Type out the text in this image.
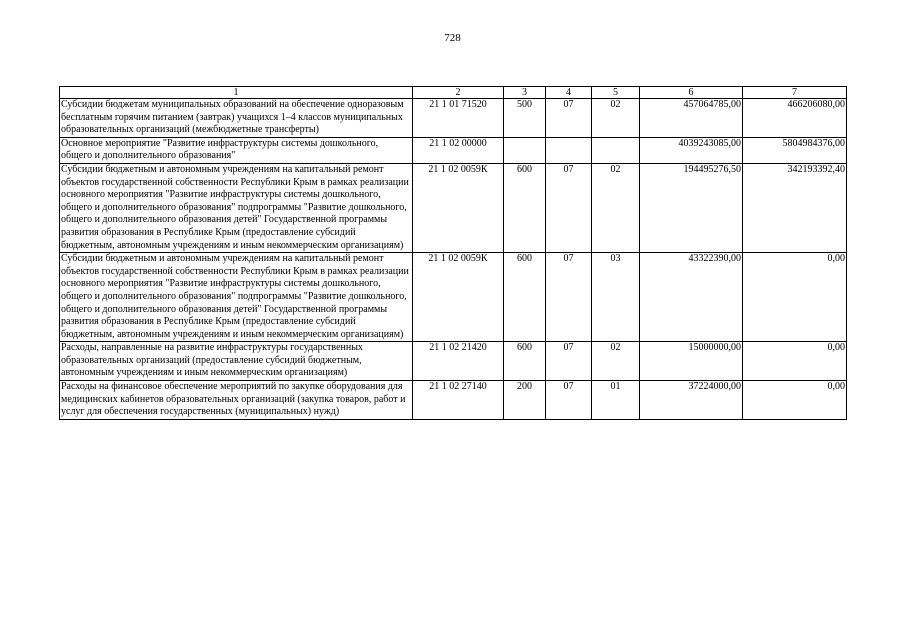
728
1	2	3	4	5	6	7
Субсидии бюджетам муниципальных образований на обеспечение одноразовым бесплатным горячим питанием (завтрак) учащихся 1–4 классов муниципальных образовательных организаций (межбюджетные трансферты)	21 1 01 71520	500	07	02	457064785,00	466206080,00
Основное мероприятие "Развитие инфраструктуры системы дошкольного, общего и дополнительного образования"	21 1 02 00000				4039243085,00	5804984376,00
Субсидии бюджетным и автономным учреждениям на капитальный ремонт объектов государственной собственности Республики Крым в рамках реализации основного мероприятия "Развитие инфраструктуры системы дошкольного, общего и дополнительного образования" подпрограммы "Развитие дошкольного, общего и дополнительного образования детей" Государственной программы развития образования в Республике Крым (предоставление субсидий бюджетным, автономным учреждениям и иным некоммерческим организациям)	21 1 02 0059К	600	07	02	194495276,50	342193392,40
Субсидии бюджетным и автономным учреждениям на капитальный ремонт объектов государственной собственности Республики Крым в рамках реализации основного мероприятия "Развитие инфраструктуры системы дошкольного, общего и дополнительного образования" подпрограммы "Развитие дошкольного, общего и дополнительного образования детей" Государственной программы развития образования в Республике Крым (предоставление субсидий бюджетным, автономным учреждениям и иным некоммерческим организациям)	21 1 02 0059К	600	07	03	43322390,00	0,00
Расходы, направленные на развитие инфраструктуры государственных образовательных организаций (предоставление субсидий бюджетным, автономным учреждениям и иным некоммерческим организациям)	21 1 02 21420	600	07	02	15000000,00	0,00
Расходы на финансовое обеспечение мероприятий по закупке оборудования для медицинских кабинетов образовательных организаций (закупка товаров, работ и услуг для обеспечения государственных (муниципальных) нужд)	21 1 02 27140	200	07	01	37224000,00	0,00
